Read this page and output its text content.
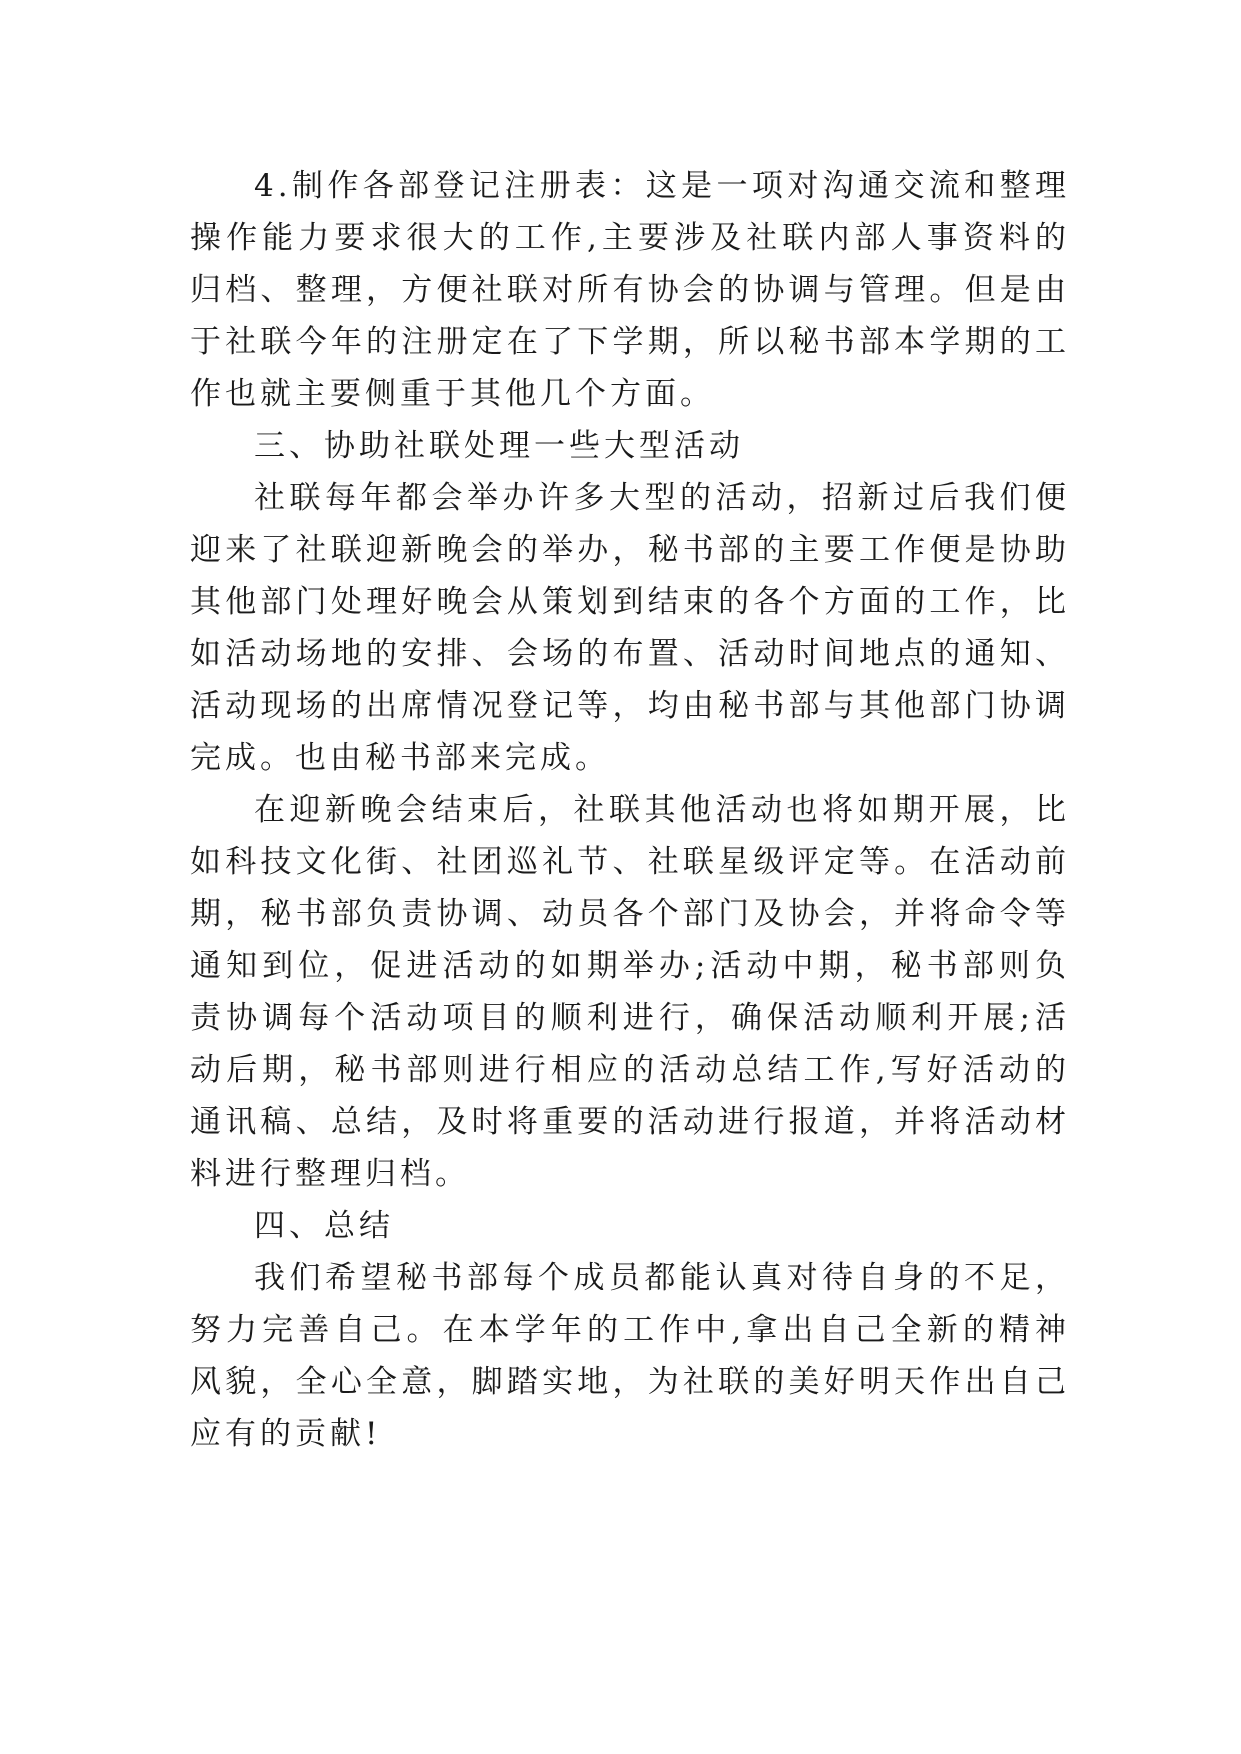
4.制作各部登记注册表：这是一项对沟通交流和整理操作能力要求很大的工作,主要涉及社联内部人事资料的归档、整理，方便社联对所有协会的协调与管理。但是由于社联今年的注册定在了下学期，所以秘书部本学期的工作也就主要侧重于其他几个方面。

三、协助社联处理一些大型活动

社联每年都会举办许多大型的活动，招新过后我们便迎来了社联迎新晚会的举办，秘书部的主要工作便是协助其他部门处理好晚会从策划到结束的各个方面的工作，比如活动场地的安排、会场的布置、活动时间地点的通知、活动现场的出席情况登记等，均由秘书部与其他部门协调完成。也由秘书部来完成。

在迎新晚会结束后，社联其他活动也将如期开展，比如科技文化街、社团巡礼节、社联星级评定等。在活动前期，秘书部负责协调、动员各个部门及协会，并将命令等通知到位，促进活动的如期举办;活动中期，秘书部则负责协调每个活动项目的顺利进行，确保活动顺利开展;活动后期，秘书部则进行相应的活动总结工作,写好活动的通讯稿、总结，及时将重要的活动进行报道，并将活动材料进行整理归档。

四、总结

我们希望秘书部每个成员都能认真对待自身的不足，努力完善自己。在本学年的工作中,拿出自己全新的精神风貌，全心全意，脚踏实地，为社联的美好明天作出自己应有的贡献!
